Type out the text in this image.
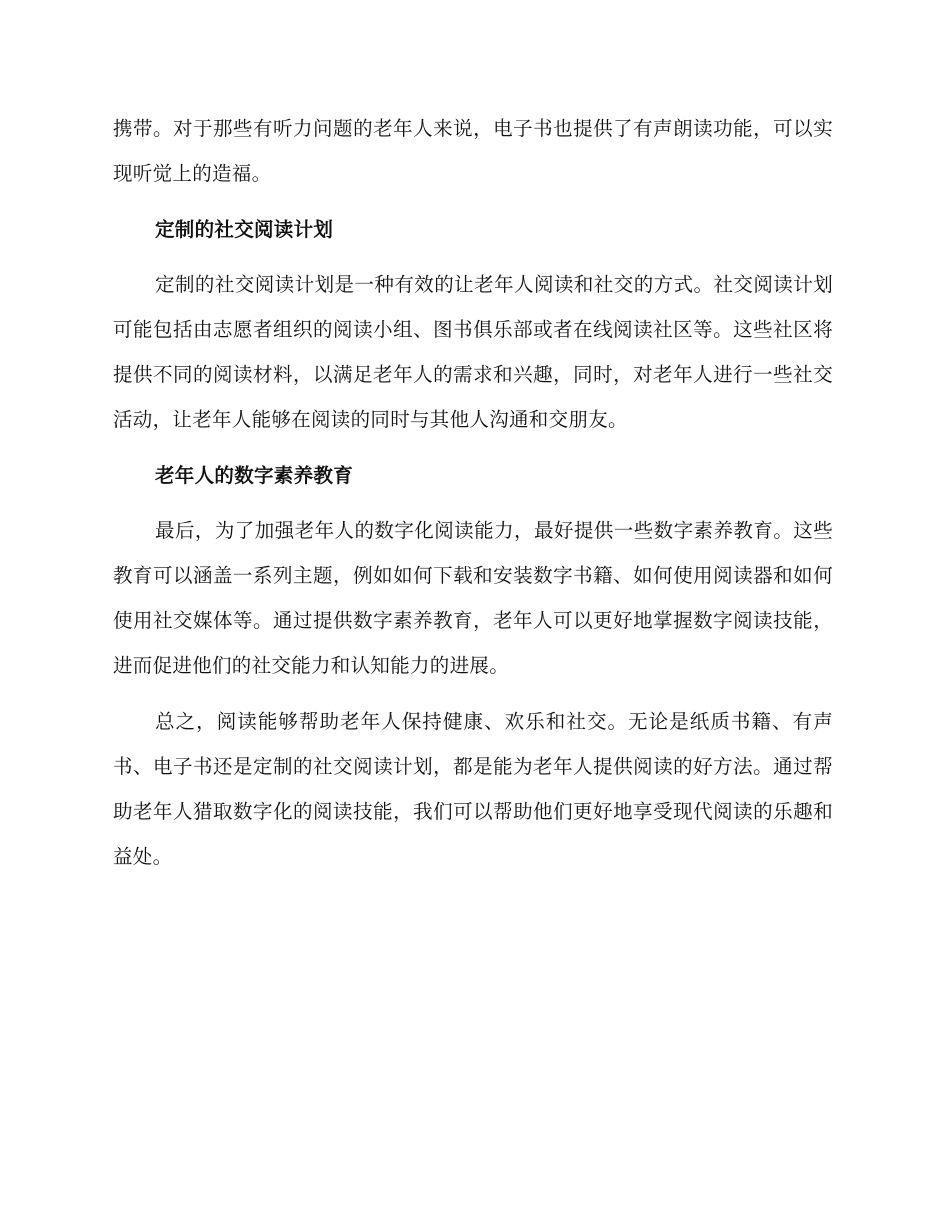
携带。对于那些有听力问题的老年人来说，电子书也提供了有声朗读功能，可以实现听觉上的造福。

定制的社交阅读计划

定制的社交阅读计划是一种有效的让老年人阅读和社交的方式。社交阅读计划可能包括由志愿者组织的阅读小组、图书俱乐部或者在线阅读社区等。这些社区将提供不同的阅读材料，以满足老年人的需求和兴趣，同时，对老年人进行一些社交活动，让老年人能够在阅读的同时与其他人沟通和交朋友。

老年人的数字素养教育

最后，为了加强老年人的数字化阅读能力，最好提供一些数字素养教育。这些教育可以涵盖一系列主题，例如如何下载和安装数字书籍、如何使用阅读器和如何使用社交媒体等。通过提供数字素养教育，老年人可以更好地掌握数字阅读技能，进而促进他们的社交能力和认知能力的进展。

总之，阅读能够帮助老年人保持健康、欢乐和社交。无论是纸质书籍、有声书、电子书还是定制的社交阅读计划，都是能为老年人提供阅读的好方法。通过帮助老年人猎取数字化的阅读技能，我们可以帮助他们更好地享受现代阅读的乐趣和益处。
